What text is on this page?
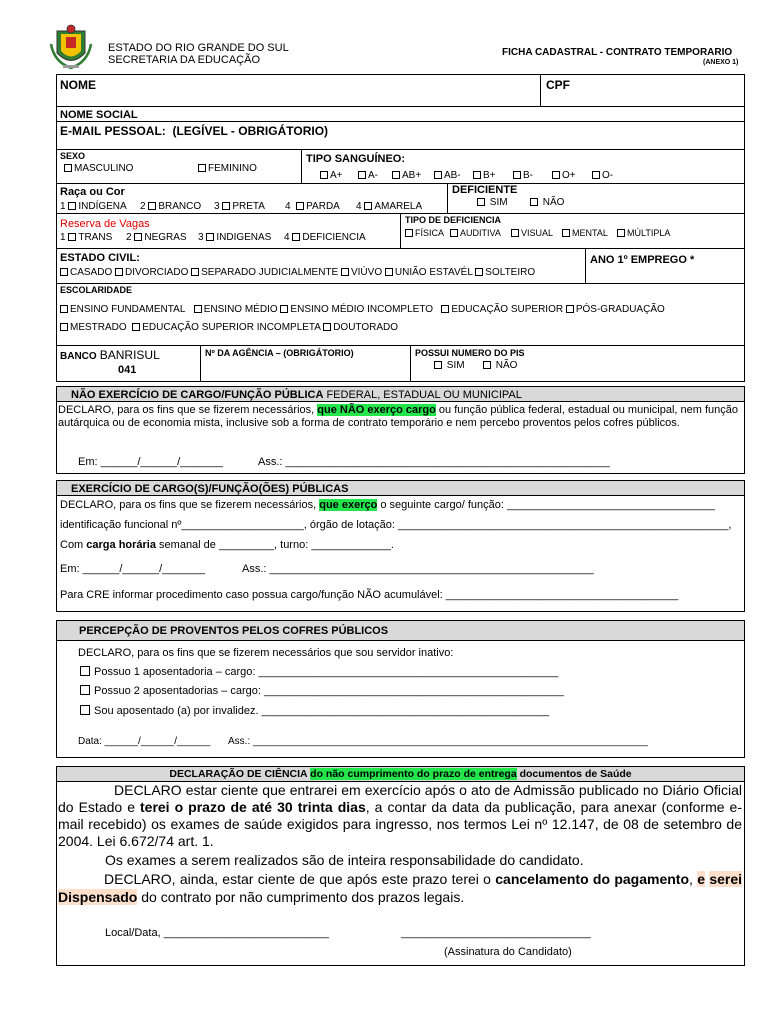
ESTADO DO RIO GRANDE DO SUL
SECRETARIA DA EDUCAÇÃO
FICHA CADASTRAL - CONTRATO TEMPORARIO
(ANEXO 1)
NOME	CPF
NOME SOCIAL
E-MAIL PESSOAL: (LEGÍVEL - OBRIGÁTORIO)
SEXO
MASCULINO	FEMININO
TIPO SANGUÍNEO:
A+	A-	AB+	AB-	B+	B-	O+	O-
Raça ou Cor
1 INDÍGENA 2 BRANCO 3 PRETA 4 PARDA 4 AMARELA
DEFICIENTE
SIM	NÃO
Reserva de Vagas
1 TRANS 2 NEGRAS 3 INDIGENAS 4 DEFICIENCIA
TIPO DE DEFICIENCIA
FÍSICA	AUDITIVA	VISUAL	MENTAL	MÚLTIPLA
ESTADO CIVIL:
CASADO DIVORCIADO SEPARADO JUDICIALMENTE VIÚVO UNIÃO ESTAVÉL SOLTEIRO
ANO 1º EMPREGO *
ESCOLARIDADE
ENSINO FUNDAMENTAL ENSINO MÉDIO ENSINO MÉDIO INCOMPLETO EDUCAÇÃO SUPERIOR PÓS-GRADUAÇÃO
MESTRADO EDUCAÇÃO SUPERIOR INCOMPLETA DOUTORADO
BANCO BANRISUL
041
Nº DA AGÊNCIA – (OBRIGÁTORIO)	POSSUI NUMERO DO PIS
SIM	NÃO
NÃO EXERCÍCIO DE CARGO/FUNÇÃO PÚBLICA FEDERAL, ESTADUAL OU MUNICIPAL
DECLARO, para os fins que se fizerem necessários, que NÃO exerço cargo ou função pública federal, estadual ou municipal, nem função autárquica ou de economia mista, inclusive sob a forma de contrato temporário e nem percebo proventos pelos cofres públicos.
Em: ______/______/_______	Ass.: _____________________________________________________
EXERCÍCIO DE CARGO(S)/FUNÇÃO(ÕES) PÚBLICAS
DECLARO, para os fins que se fizerem necessários, que exerço o seguinte cargo/ função: __________________________________
identificação funcional nº____________________, órgão de lotação: ______________________________________________________,
Com carga horária semanal de _________, turno: _____________.
Em: ______/______/_______	Ass.: _____________________________________________________
Para CRE informar procedimento caso possua cargo/função NÃO acumulável: ______________________________________
PERCEPÇÃO DE PROVENTOS PELOS COFRES PÚBLICOS
DECLARO, para os fins que se fizerem necessários que sou servidor inativo:
Possuo 1 aposentadoria – cargo: _________________________________________________
Possuo 2 aposentadorias – cargo: _________________________________________________
Sou aposentado (a) por invalidez. _______________________________________________
Data: ______/______/______ Ass.: _______________________________________________________________________
DECLARAÇÃO DE CIÊNCIA do não cumprimento do prazo de entrega documentos de Saúde
DECLARO estar ciente que entrarei em exercício após o ato de Admissão publicado no Diário Oficial do Estado e terei o prazo de até 30 trinta dias, a contar da data da publicação, para anexar (conforme e-mail recebido) os exames de saúde exigidos para ingresso, nos termos Lei nº 12.147, de 08 de setembro de 2004. Lei 6.672/74 art. 1.
Os exames a serem realizados são de inteira responsabilidade do candidato.
DECLARO, ainda, estar ciente de que após este prazo terei o cancelamento do pagamento, e serei Dispensado do contrato por não cumprimento dos prazos legais.
Local/Data, ___________________________	_______________________________
(Assinatura do Candidato)
